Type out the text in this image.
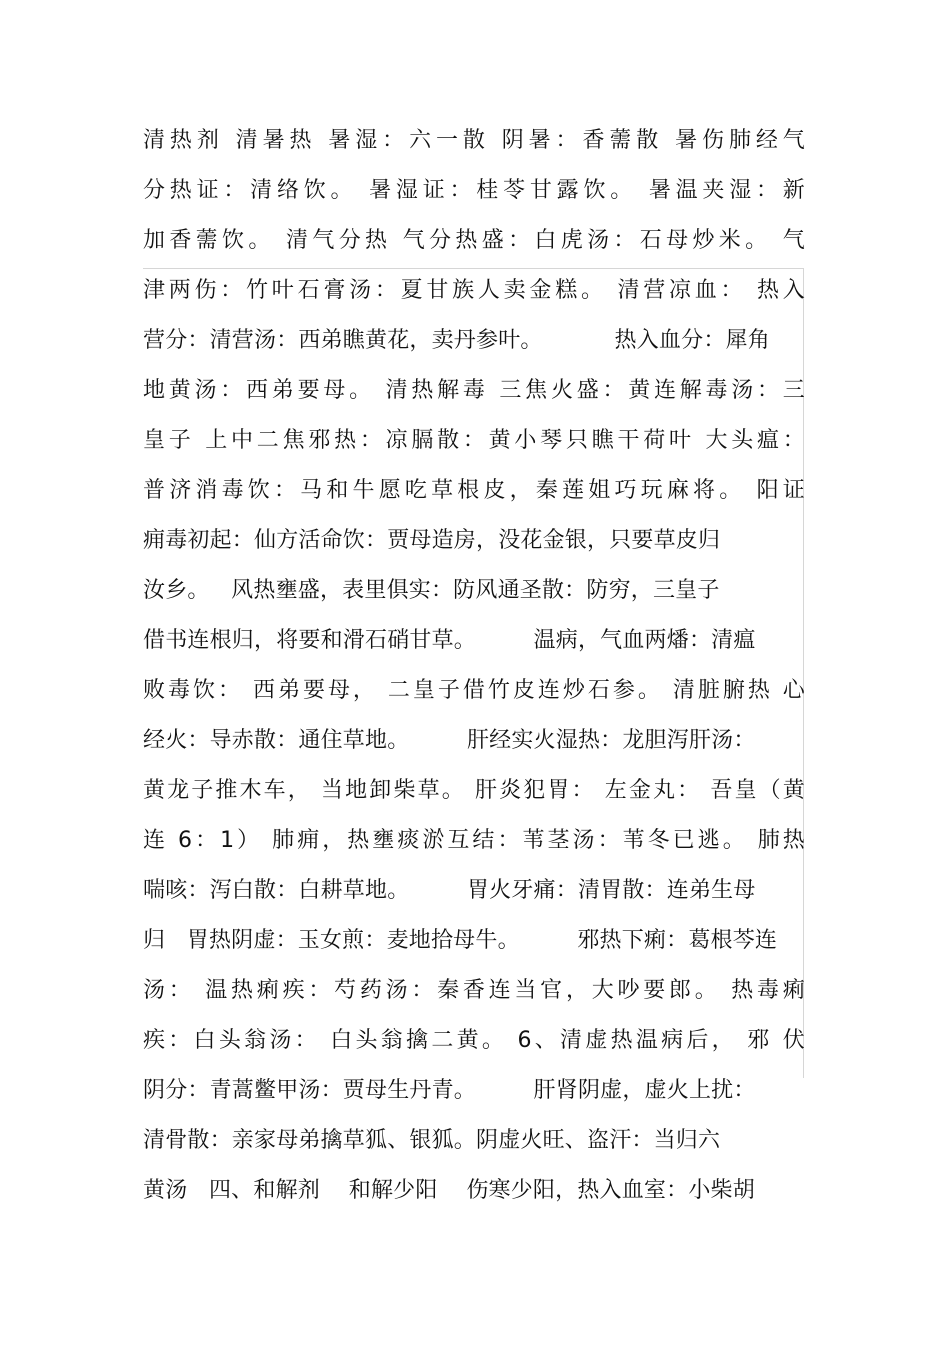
清热剂 清暑热 暑湿：六一散 阴暑：香薷散 暑伤肺经气
分热证：清络饮。 暑湿证：桂苓甘露饮。 暑温夹湿：新
加香薷饮。 清气分热 气分热盛：白虎汤：石母炒米。 气
津两伤：竹叶石膏汤：夏甘族人卖金糕。 清营凉血： 热入
营分：清营汤：西弟瞧黄花，卖丹参叶。          热入血分：犀角
地黄汤：西弟要母。 清热解毒 三焦火盛：黄连解毒汤：三
皇子 上中二焦邪热：凉膈散：黄小琴只瞧干荷叶 大头瘟：
普济消毒饮：马和牛愿吃草根皮，秦莲姐巧玩麻将。 阳证
痈毒初起：仙方活命饮：贾母造房，没花金银，只要草皮归
汝乡。   风热壅盛，表里俱实：防风通圣散：防穷，三皇子
借书连根归，将要和滑石硝甘草。        温病，气血两燔：清瘟
败毒饮： 西弟要母， 二皇子借竹皮连炒石参。 清脏腑热 心
经火：导赤散：通住草地。        肝经实火湿热：龙胆泻肝汤：
黄龙子推木车， 当地卸柴草。 肝炎犯胃： 左金丸： 吾皇（黄
连 6：1） 肺痈，热壅痰淤互结：苇茎汤：苇冬已逃。 肺热
喘咳：泻白散：白耕草地。        胃火牙痛：清胃散：连弟生母
归   胃热阴虚：玉女煎：麦地拾母牛。        邪热下痢：葛根芩连
汤： 温热痢疾：芍药汤：秦香连当官，大吵要郎。 热毒痢
疾：白头翁汤： 白头翁擒二黄。 6、清虚热温病后， 邪 伏
阴分：青蒿鳖甲汤：贾母生丹青。        肝肾阴虚，虚火上扰：
清骨散：亲家母弟擒草狐、银狐。阴虚火旺、盗汗：当归六
黄汤   四、和解剂    和解少阳    伤寒少阳，热入血室：小柴胡
